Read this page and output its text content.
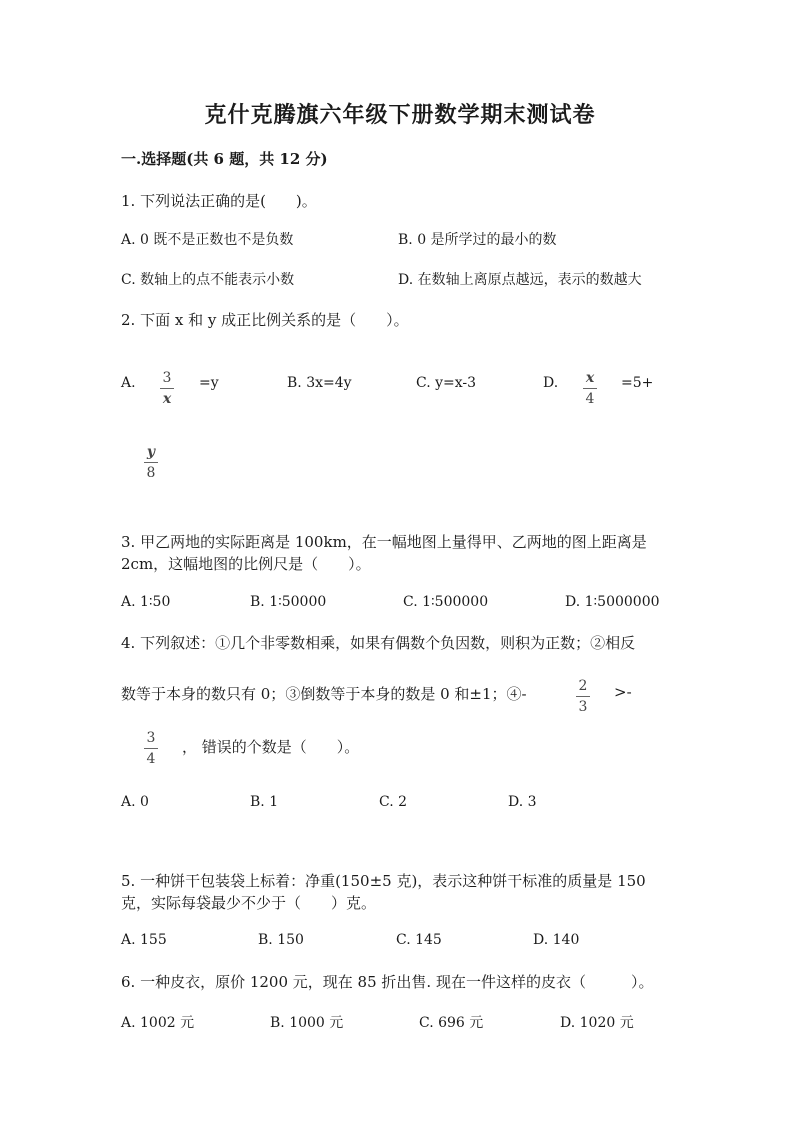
克什克腾旗六年级下册数学期末测试卷
一.选择题(共 6 题，共 12 分)
1. 下列说法正确的是(　　)。
A. 0 既不是正数也不是负数	B. 0 是所学过的最小的数
C. 数轴上的点不能表示小数	D. 在数轴上离原点越远，表示的数越大
2. 下面 x 和 y 成正比例关系的是（　　）。
A. 3
x
=y	B. 3x=4y	C. y=x-3	D. x
4
=5+
y
8
3. 甲乙两地的实际距离是 100km，在一幅地图上量得甲、乙两地的图上距离是
2cm，这幅地图的比例尺是（　　）。
A. 1∶50	B. 1∶50000	C. 1∶500000	D. 1∶5000000
4. 下列叙述：①几个非零数相乘，如果有偶数个负因数，则积为正数；②相反
数等于本身的数只有 0；③倒数等于本身的数是 0 和±1；④-	2
3
>-
3
4
， 错误的个数是（　　）。
A. 0	B. 1	C. 2	D. 3
5. 一种饼干包装袋上标着：净重(150±5 克)，表示这种饼干标准的质量是 150
克，实际每袋最少不少于（　　）克。
A. 155	B. 150	C. 145	D. 140
6. 一种皮衣，原价 1200 元，现在 85 折出售. 现在一件这样的皮衣（　　　）。
A. 1002 元	B. 1000 元	C. 696 元	D. 1020 元
